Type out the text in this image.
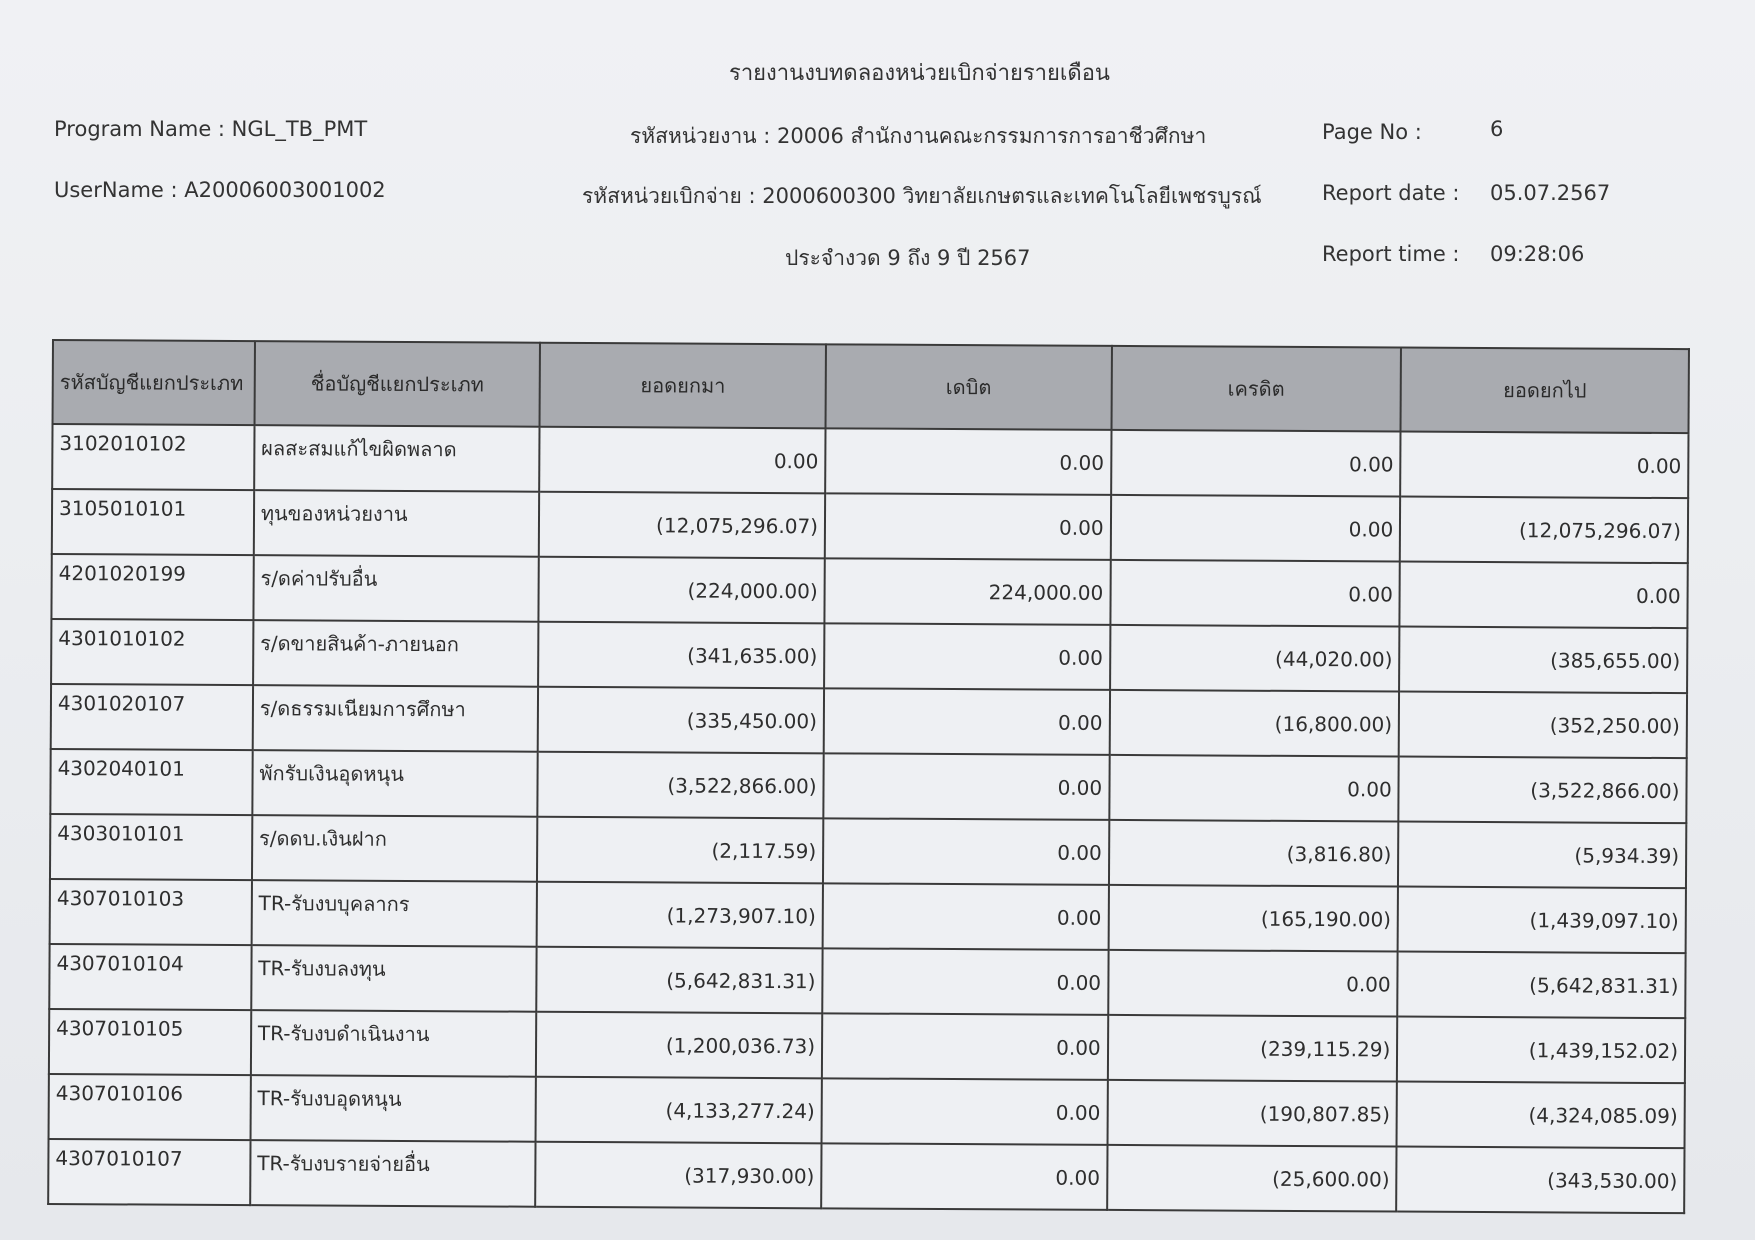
รายงานงบทดลองหน่วยเบิกจ่ายรายเดือน
Program Name : NGL_TB_PMT
UserName : A20006003001002
รหัสหน่วยงาน : 20006 สำนักงานคณะกรรมการการอาชีวศึกษา
รหัสหน่วยเบิกจ่าย : 2000600300 วิทยาลัยเกษตรและเทคโนโลยีเพชรบูรณ์
ประจำงวด 9 ถึง 9 ปี 2567
Page No :	6
Report date : 05.07.2567
Report time : 09:28:06
รหัสบัญชีแยกประเภท	ชื่อบัญชีแยกประเภท	ยอดยกมา	เดบิต	เครดิต	ยอดยกไป
3102010102	ผลสะสมแก้ไขผิดพลาด	0.00	0.00	0.00	0.00
3105010101	ทุนของหน่วยงาน	(12,075,296.07)	0.00	0.00	(12,075,296.07)
4201020199	ร/ดค่าปรับอื่น	(224,000.00)	224,000.00	0.00	0.00
4301010102	ร/ดขายสินค้า-ภายนอก	(341,635.00)	0.00	(44,020.00)	(385,655.00)
4301020107	ร/ดธรรมเนียมการศึกษา	(335,450.00)	0.00	(16,800.00)	(352,250.00)
4302040101	พักรับเงินอุดหนุน	(3,522,866.00)	0.00	0.00	(3,522,866.00)
4303010101	ร/ดดบ.เงินฝาก	(2,117.59)	0.00	(3,816.80)	(5,934.39)
4307010103	TR-รับงบบุคลากร	(1,273,907.10)	0.00	(165,190.00)	(1,439,097.10)
4307010104	TR-รับงบลงทุน	(5,642,831.31)	0.00	0.00	(5,642,831.31)
4307010105	TR-รับงบดำเนินงาน	(1,200,036.73)	0.00	(239,115.29)	(1,439,152.02)
4307010106	TR-รับงบอุดหนุน	(4,133,277.24)	0.00	(190,807.85)	(4,324,085.09)
4307010107	TR-รับงบรายจ่ายอื่น	(317,930.00)	0.00	(25,600.00)	(343,530.00)
